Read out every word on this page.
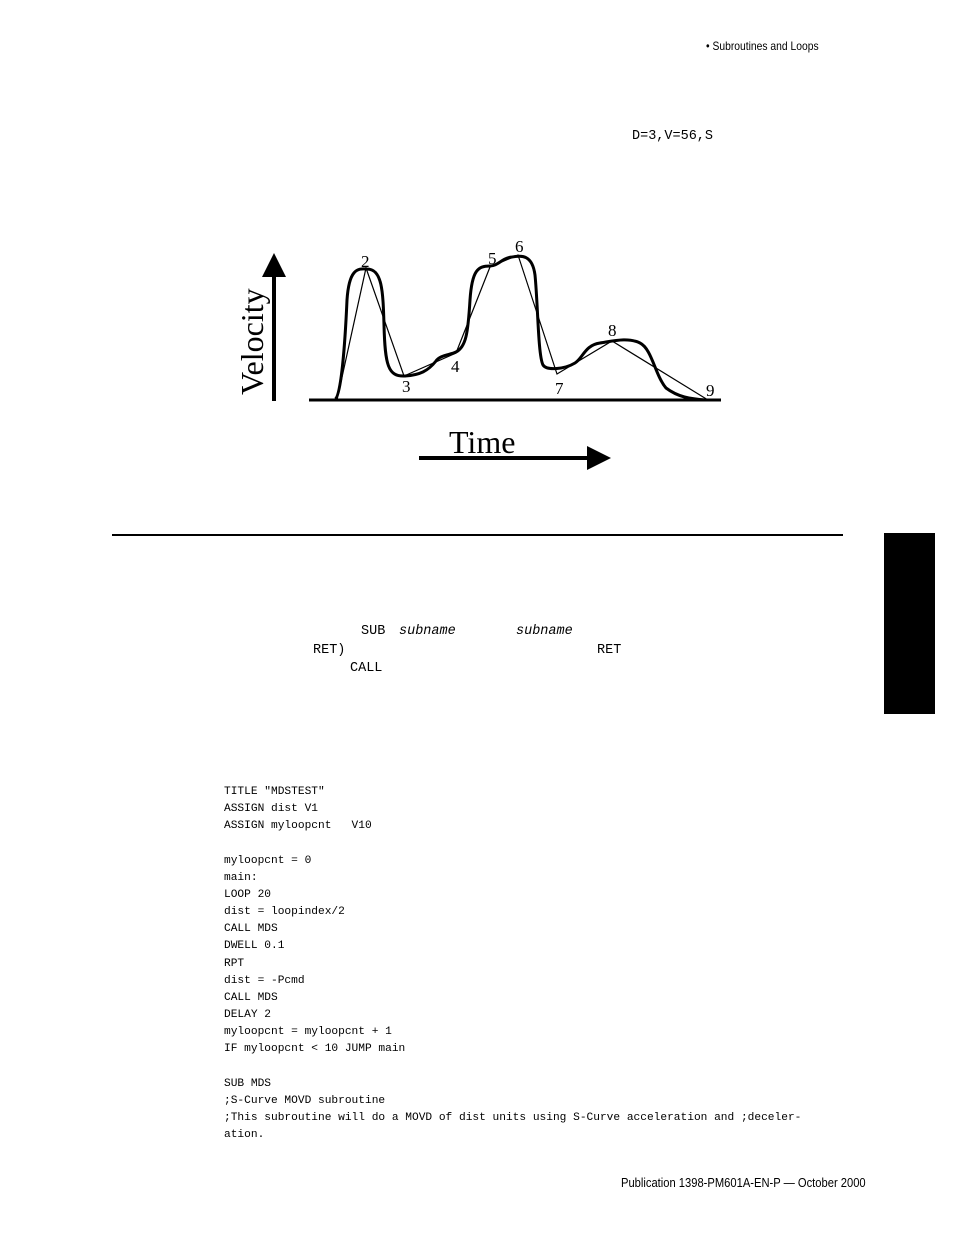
• Subroutines and Loops
D=3,V=56,S
Velocity
2
3
4
5
6
7
8
9
Time
SUB subname	subname
RET)	RET
CALL
TITLE "MDSTEST"
ASSIGN dist V1
ASSIGN myloopcnt   V10

myloopcnt = 0
main:
LOOP 20
dist = loopindex/2
CALL MDS
DWELL 0.1
RPT
dist = -Pcmd
CALL MDS
DELAY 2
myloopcnt = myloopcnt + 1
IF myloopcnt < 10 JUMP main

SUB MDS
;S-Curve MOVD subroutine
;This subroutine will do a MOVD of dist units using S-Curve acceleration and ;deceler-
ation.
Publication 1398-PM601A-EN-P — October 2000
